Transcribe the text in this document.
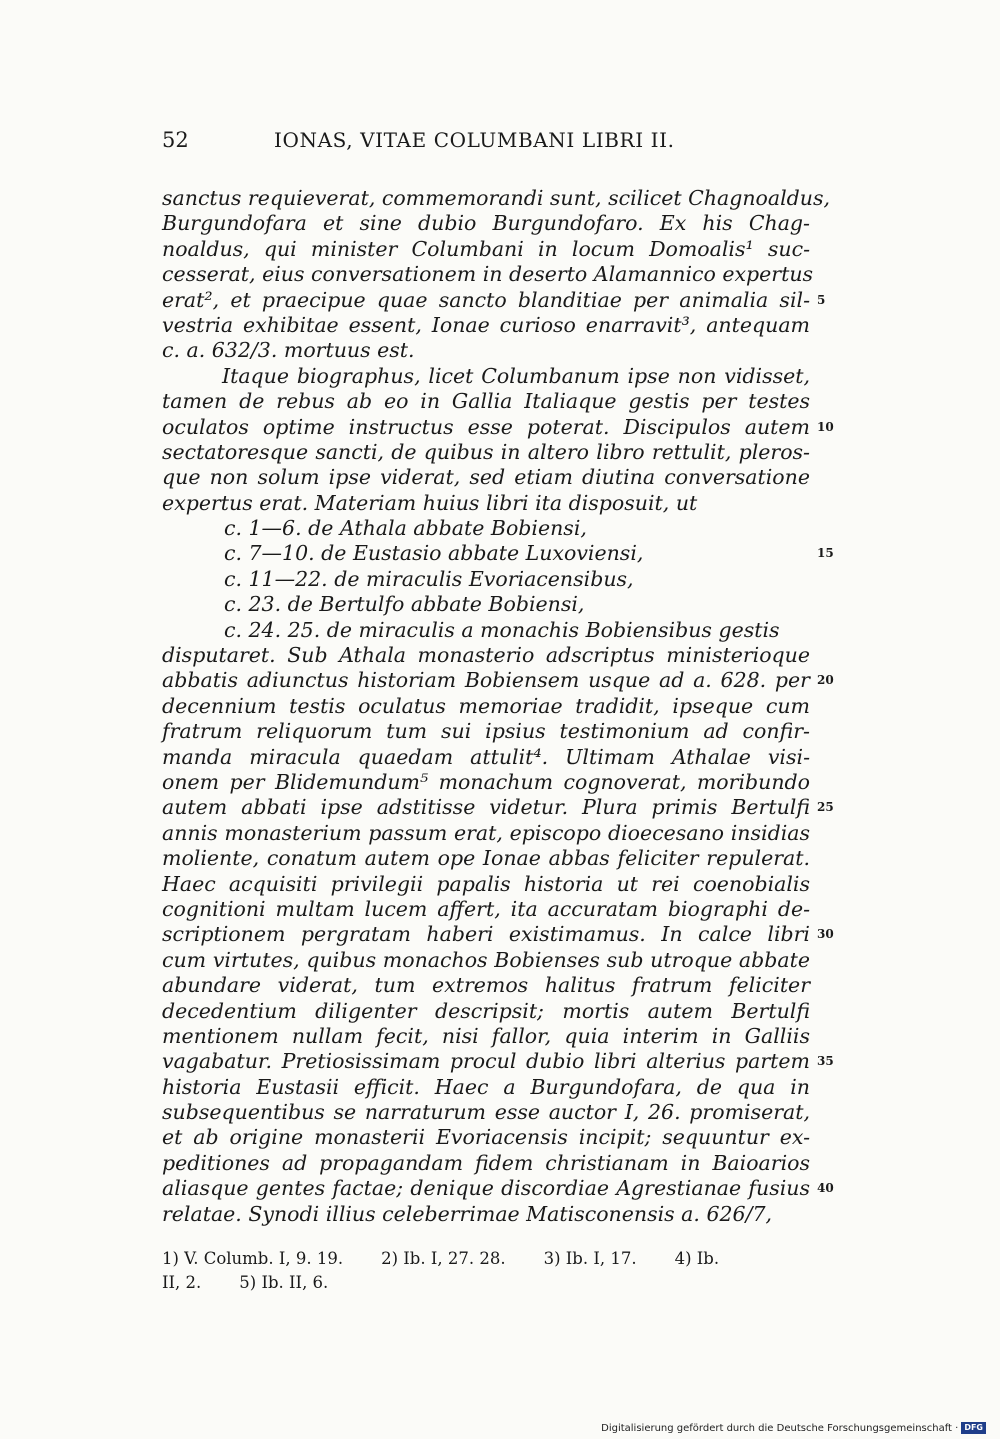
52	IONAS, VITAE COLUMBANI LIBRI II.
sanctus requieverat, commemorandi sunt, scilicet Chagnoaldus,
Burgundofara et sine dubio Burgundofaro. Ex his Chag-
noaldus, qui minister Columbani in locum Domoalis¹ suc-
cesserat, eius conversationem in deserto Alamannico expertus
erat², et praecipue quae sancto blanditiae per animalia sil- 5
vestria exhibitae essent, Ionae curioso enarravit³, antequam
c. a. 632/3. mortuus est.
Itaque biographus, licet Columbanum ipse non vidisset,
tamen de rebus ab eo in Gallia Italiaque gestis per testes
oculatos optime instructus esse poterat. Discipulos autem 10
sectatoresque sancti, de quibus in altero libro rettulit, pleros-
que non solum ipse viderat, sed etiam diutina conversatione
expertus erat. Materiam huius libri ita disposuit, ut
c. 1—6. de Athala abbate Bobiensi,
c. 7—10. de Eustasio abbate Luxoviensi,	15
c. 11—22. de miraculis Evoriacensibus,
c. 23. de Bertulfo abbate Bobiensi,
c. 24. 25. de miraculis a monachis Bobiensibus gestis
disputaret. Sub Athala monasterio adscriptus ministerioque
abbatis adiunctus historiam Bobiensem usque ad a. 628. per 20
decennium testis oculatus memoriae tradidit, ipseque cum
fratrum reliquorum tum sui ipsius testimonium ad confir-
manda miracula quaedam attulit⁴. Ultimam Athalae visi-
onem per Blidemundum⁵ monachum cognoverat, moribundo
autem abbati ipse adstitisse videtur. Plura primis Bertulfi 25
annis monasterium passum erat, episcopo dioecesano insidias
moliente, conatum autem ope Ionae abbas feliciter repulerat.
Haec acquisiti privilegii papalis historia ut rei coenobialis
cognitioni multam lucem affert, ita accuratam biographi de-
scriptionem pergratam haberi existimamus. In calce libri 30
cum virtutes, quibus monachos Bobienses sub utroque abbate
abundare viderat, tum extremos halitus fratrum feliciter
decedentium diligenter descripsit; mortis autem Bertulfi
mentionem nullam fecit, nisi fallor, quia interim in Galliis
vagabatur. Pretiosissimam procul dubio libri alterius partem 35
historia Eustasii efficit. Haec a Burgundofara, de qua in
subsequentibus se narraturum esse auctor I, 26. promiserat,
et ab origine monasterii Evoriacensis incipit; sequuntur ex-
peditiones ad propagandam fidem christianam in Baioarios
aliasque gentes factae; denique discordiae Agrestianae fusius 40
relatae. Synodi illius celeberrimae Matisconensis a. 626/7,
1) V. Columb. I, 9. 19. 2) Ib. I, 27. 28. 3) Ib. I, 17. 4) Ib.
II, 2. 5) Ib. II, 6.
Digitalisierung gefördert durch die Deutsche Forschungsgemeinschaft · DFG
